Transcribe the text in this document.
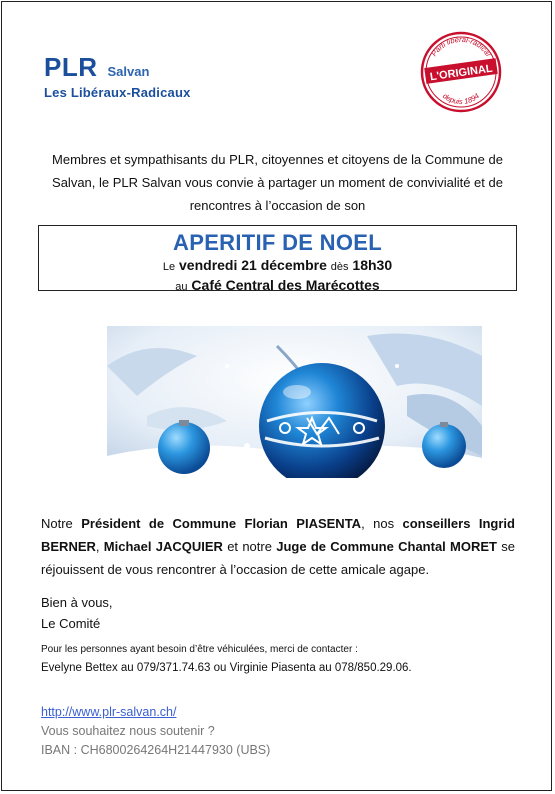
PLR Salvan
Les Libéraux-Radicaux
Parti libéral-radical
L'ORIGINAL
depuis 1894
Membres et sympathisants du PLR, citoyennes et citoyens de la Commune de Salvan, le PLR Salvan vous convie à partager un moment de convivialité et de rencontres à l’occasion de son
APERITIF DE NOEL
Le vendredi 21 décembre dès 18h30
au Café Central des Marécottes
Notre Président de Commune Florian PIASENTA, nos conseillers Ingrid BERNER, Michael JACQUIER et notre Juge de Commune Chantal MORET se réjouissent de vous rencontrer à l’occasion de cette amicale agape.
Bien à vous,
Le Comité
Pour les personnes ayant besoin d’être véhiculées, merci de contacter :
Evelyne Bettex au 079/371.74.63 ou Virginie Piasenta au 078/850.29.06.
http://www.plr-salvan.ch/
Vous souhaitez nous soutenir ?
IBAN : CH6800264264H21447930 (UBS)
